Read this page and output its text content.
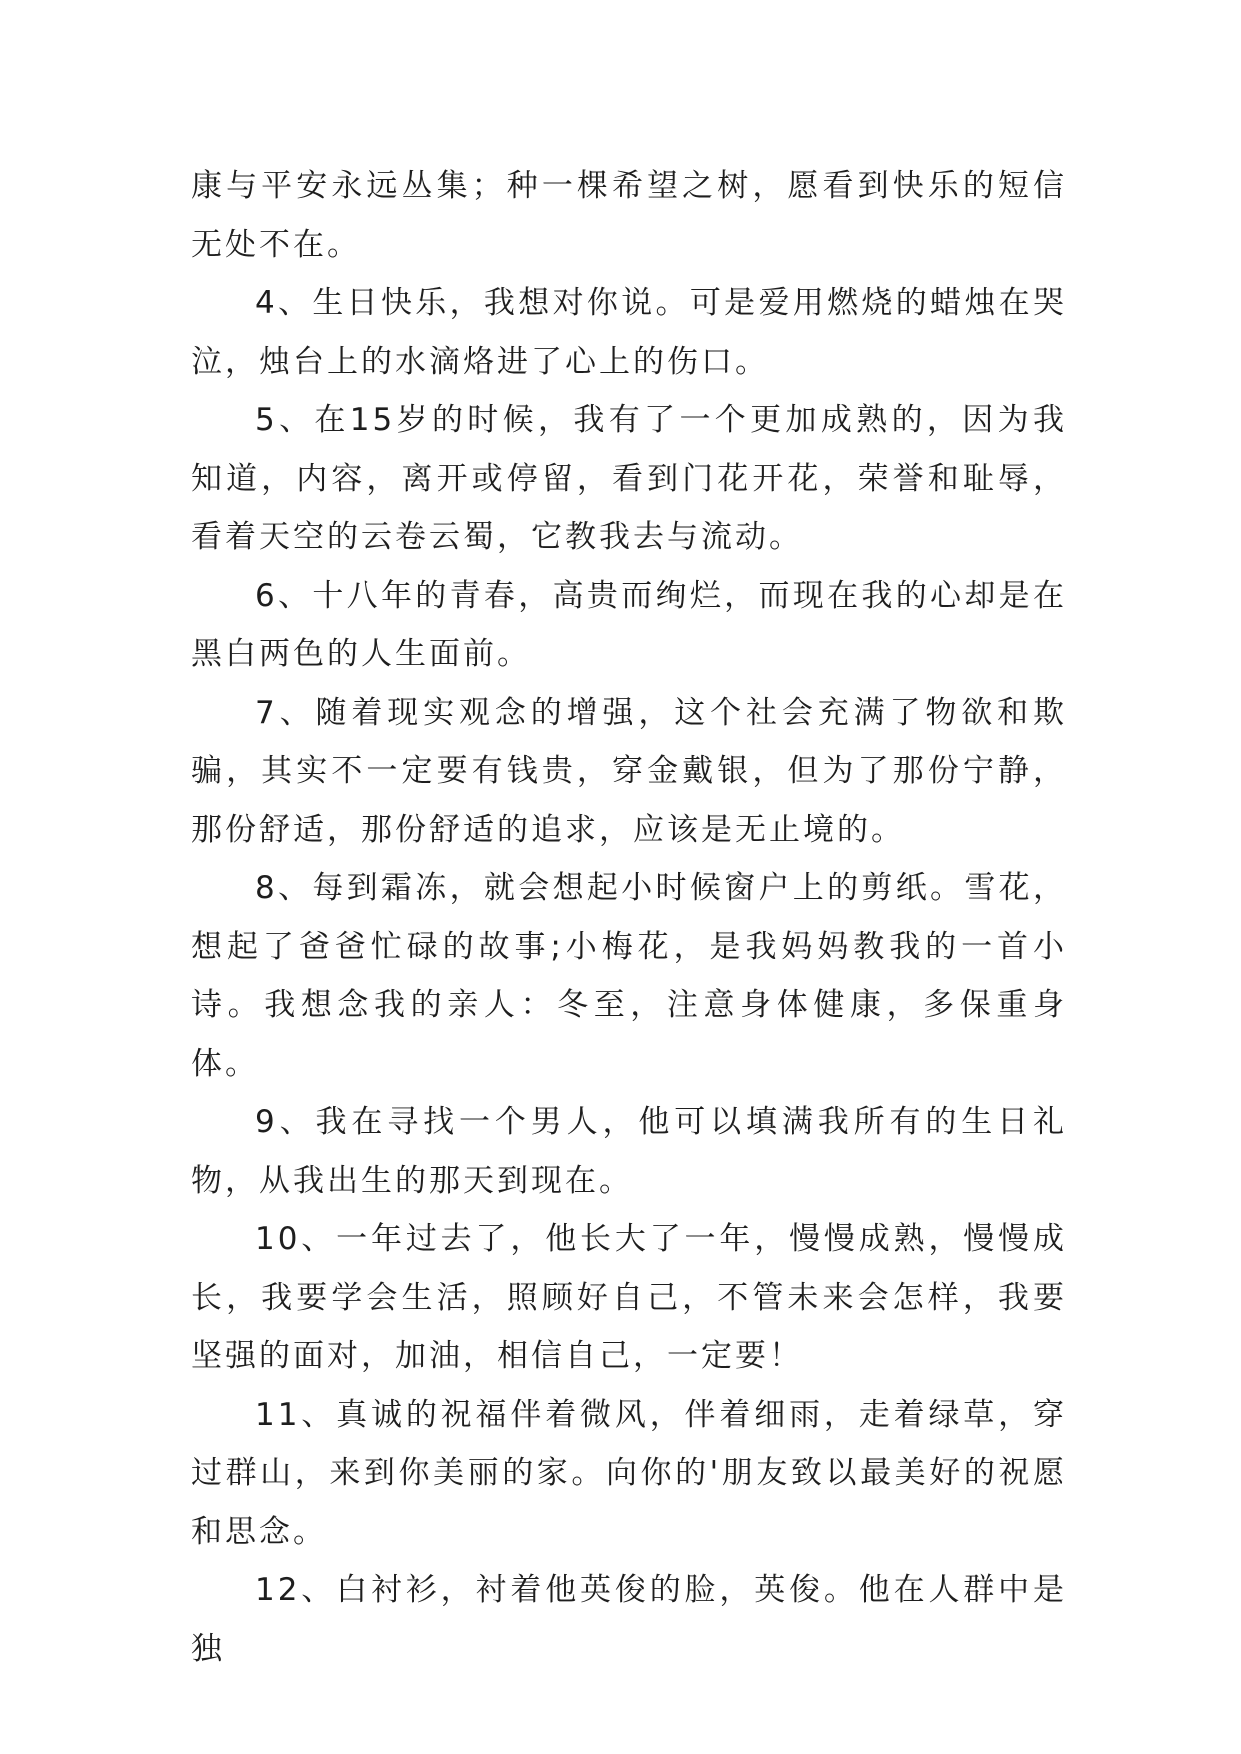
康与平安永远丛集；种一棵希望之树，愿看到快乐的短信无处不在。

4、生日快乐，我想对你说。可是爱用燃烧的蜡烛在哭泣，烛台上的水滴烙进了心上的伤口。

5、在15岁的时候，我有了一个更加成熟的，因为我知道，内容，离开或停留，看到门花开花，荣誉和耻辱，看着天空的云卷云蜀，它教我去与流动。

6、十八年的青春，高贵而绚烂，而现在我的心却是在黑白两色的人生面前。

7、随着现实观念的增强，这个社会充满了物欲和欺骗，其实不一定要有钱贵，穿金戴银，但为了那份宁静，那份舒适，那份舒适的追求，应该是无止境的。

8、每到霜冻，就会想起小时候窗户上的剪纸。雪花，想起了爸爸忙碌的故事;小梅花，是我妈妈教我的一首小诗。我想念我的亲人：冬至，注意身体健康，多保重身体。

9、我在寻找一个男人，他可以填满我所有的生日礼物，从我出生的那天到现在。

10、一年过去了，他长大了一年，慢慢成熟，慢慢成长，我要学会生活，照顾好自己，不管未来会怎样，我要坚强的面对，加油，相信自己，一定要！

11、真诚的祝福伴着微风，伴着细雨，走着绿草，穿过群山，来到你美丽的家。向你的'朋友致以最美好的祝愿和思念。

12、白衬衫，衬着他英俊的脸，英俊。他在人群中是独
